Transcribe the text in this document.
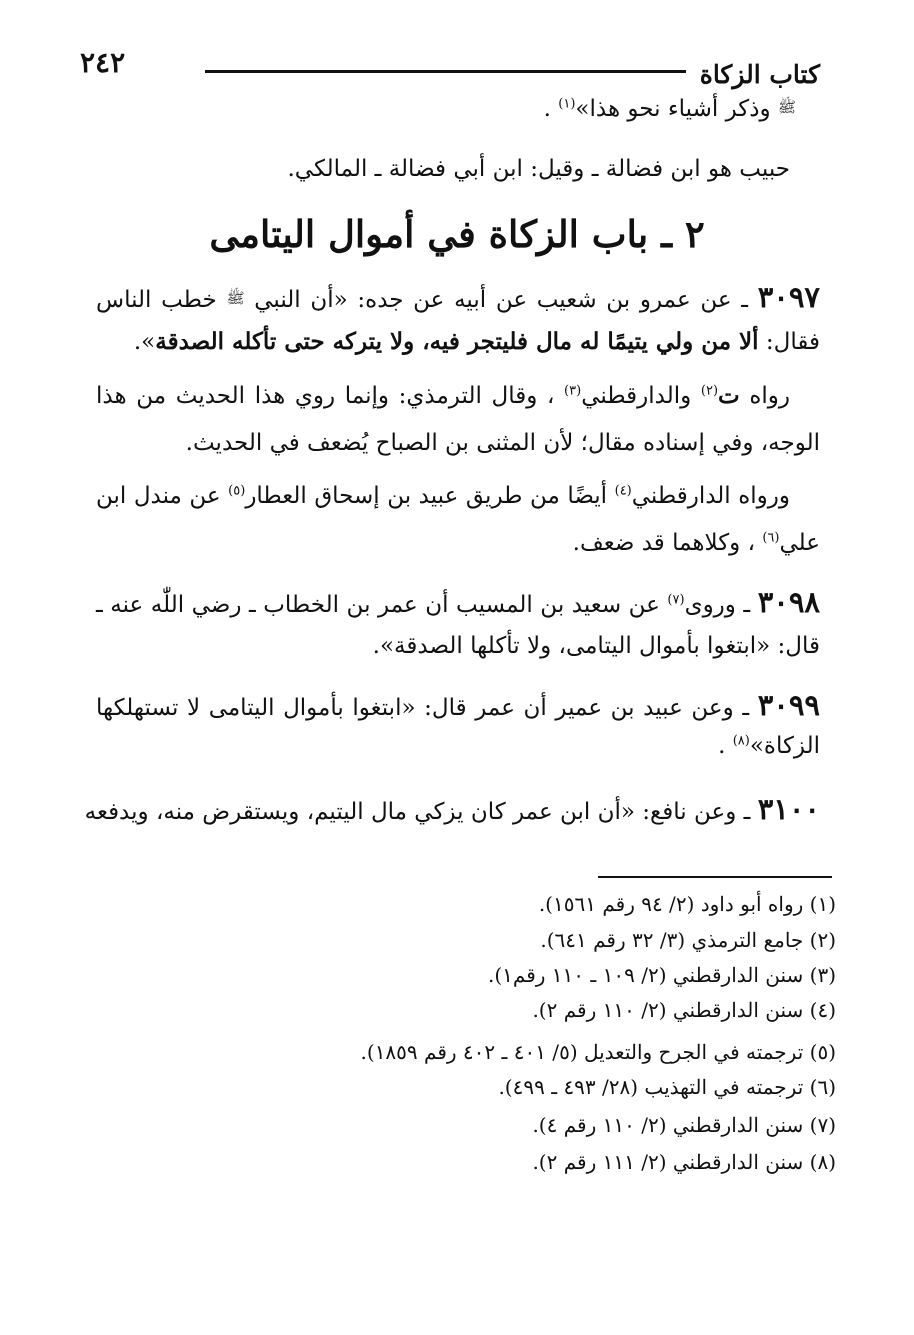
كتاب الزكاة
٢٤٢
ﷺ وذكر أشياء نحو هذا»$^{(١)}$ .
حبيب هو ابن فضالة ـ وقيل: ابن أبي فضالة ـ المالكي.
٢ ـ باب الزكاة في أموال اليتامى
٣٠٩٧ ـ عن عمرو بن شعيب عن أبيه عن جده: «أن النبي ﷺ خطب الناس
فقال: ألا من ولي يتيمًا له مال فليتجر فيه، ولا يتركه حتى تأكله الصدقة».
رواه ت$^{(٢)}$ والدارقطني$^{(٣)}$ ، وقال الترمذي: وإنما روي هذا الحديث من هذا
الوجه، وفي إسناده مقال؛ لأن المثنى بن الصباح يُضعف في الحديث.
ورواه الدارقطني$^{(٤)}$ أيضًا من طريق عبيد بن إسحاق العطار$^{(٥)}$ عن مندل ابن
علي$^{(٦)}$ ، وكلاهما قد ضعف.
٣٠٩٨ ـ وروى$^{(٧)}$ عن سعيد بن المسيب أن عمر بن الخطاب ـ رضي اللّٰه عنه ـ
قال: «ابتغوا بأموال اليتامى، ولا تأكلها الصدقة».
٣٠٩٩ ـ وعن عبيد بن عمير أن عمر قال: «ابتغوا بأموال اليتامى لا تستهلكها
الزكاة»$^{(٨)}$ .
٣١٠٠ ـ وعن نافع: «أن ابن عمر كان يزكي مال اليتيم، ويستقرض منه، ويدفعه
(١) رواه أبو داود (٢/ ٩٤ رقم ١٥٦١).
(٢) جامع الترمذي (٣/ ٣٢ رقم ٦٤١).
(٣) سنن الدارقطني (٢/ ١٠٩ ـ ١١٠ رقم١).
(٤) سنن الدارقطني (٢/ ١١٠ رقم ٢).
(٥) ترجمته في الجرح والتعديل (٥/ ٤٠١ ـ ٤٠٢ رقم ١٨٥٩).
(٦) ترجمته في التهذيب (٢٨/ ٤٩٣ ـ ٤٩٩).
(٧) سنن الدارقطني (٢/ ١١٠ رقم ٤).
(٨) سنن الدارقطني (٢/ ١١١ رقم ٢).
